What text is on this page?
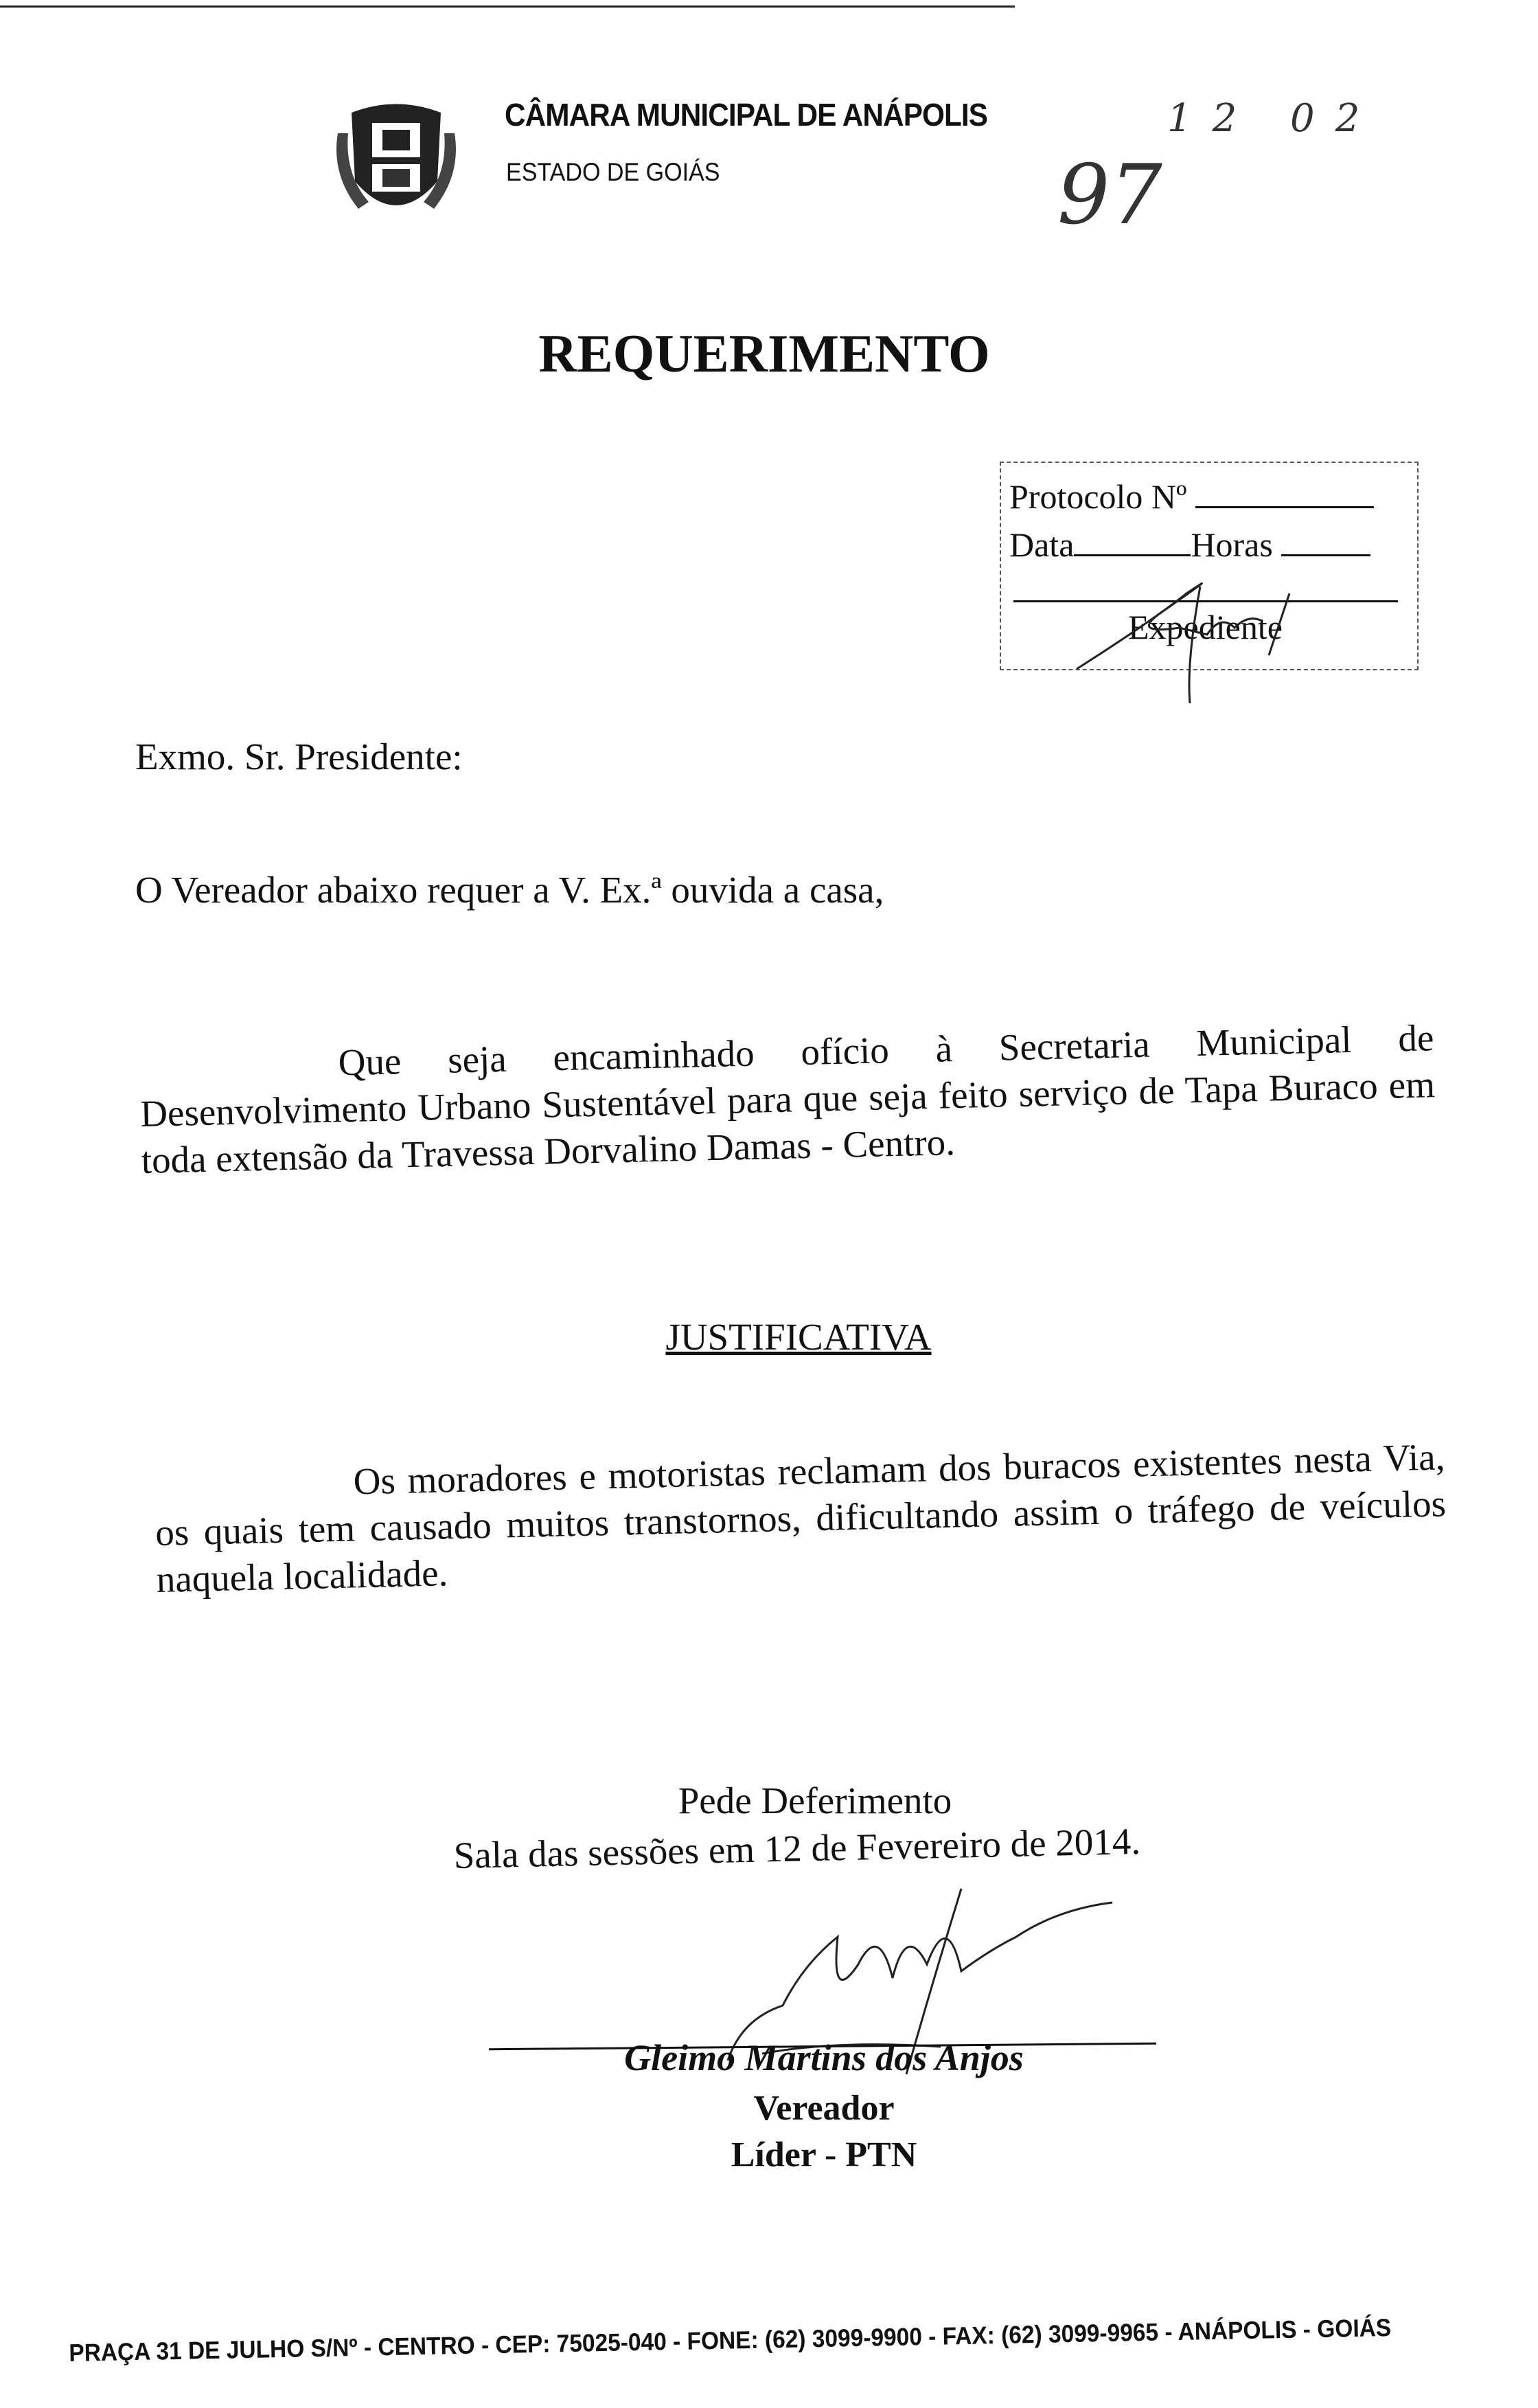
CÂMARA MUNICIPAL DE ANÁPOLIS
ESTADO DE GOIÁS
12 02
97
REQUERIMENTO
Protocolo Nº
Data	Horas
Expediente
Exmo. Sr. Presidente:
O Vereador abaixo requer a V. Ex.ª ouvida a casa,
Que seja encaminhado ofício à Secretaria Municipal de Desenvolvimento Urbano Sustentável para que seja feito serviço de Tapa Buraco em toda extensão da Travessa Dorvalino Damas - Centro.
JUSTIFICATIVA
Os moradores e motoristas reclamam dos buracos existentes nesta Via, os quais tem causado muitos transtornos, dificultando assim o tráfego de veículos naquela localidade.
Pede Deferimento
Sala das sessões em 12 de Fevereiro de 2014.
Gleimo Martins dos Anjos
Vereador
Líder - PTN
PRAÇA 31 DE JULHO S/Nº - CENTRO - CEP: 75025-040 - FONE: (62) 3099-9900 - FAX: (62) 3099-9965 - ANÁPOLIS - GOIÁS
